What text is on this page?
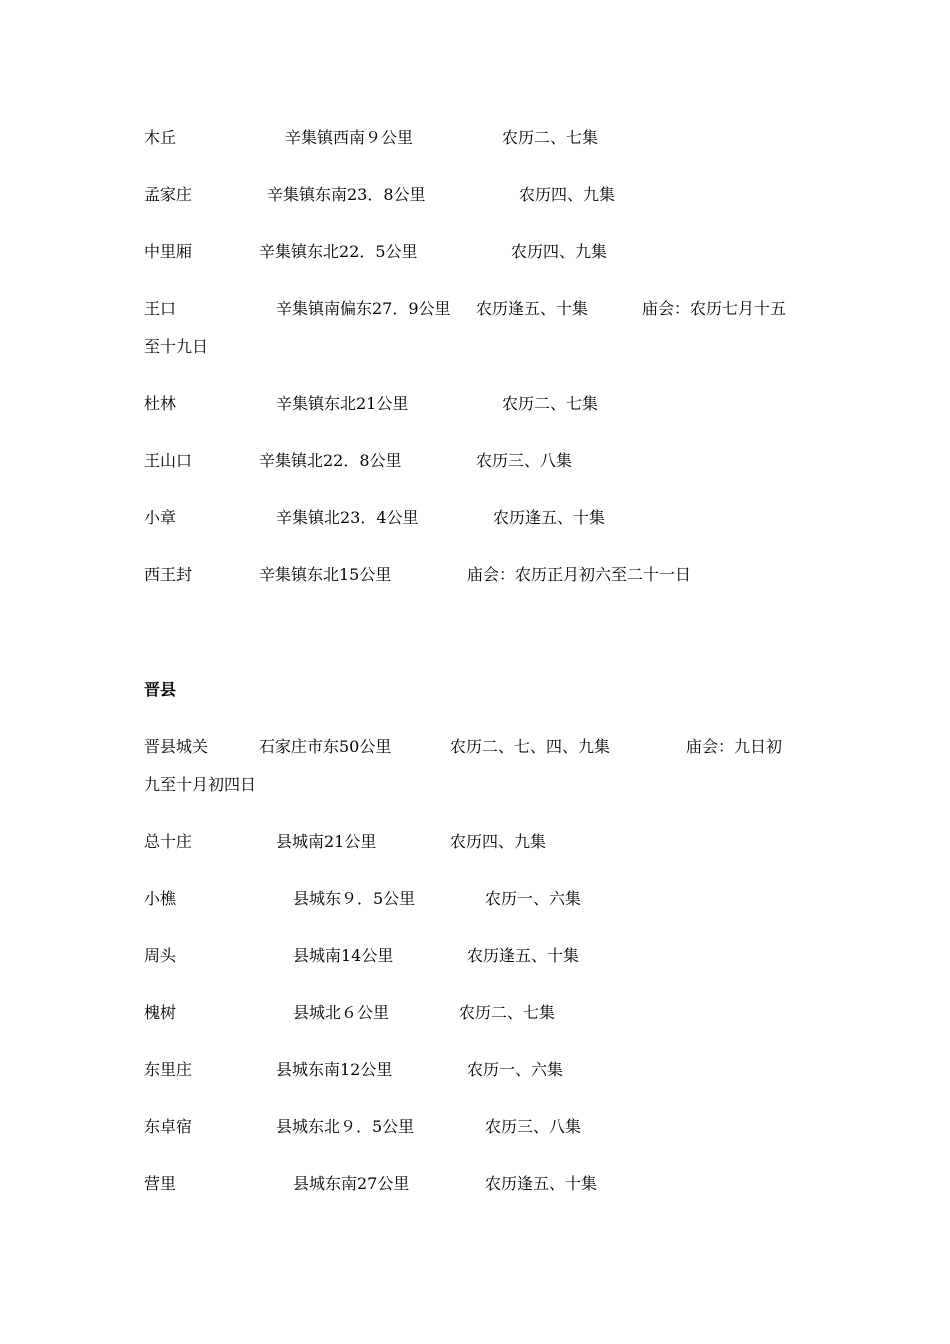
木丘	辛集镇西南９公里	农历二、七集
孟家庄	辛集镇东南23．8公里	农历四、九集
中里厢	辛集镇东北22．5公里	农历四、九集
王口	辛集镇南偏东27．9公里 农历逢五、十集	庙会：农历七月十五
至十九日
杜林	辛集镇东北21公里	农历二、七集
王山口	辛集镇北22．8公里	农历三、八集
小章	辛集镇北23．4公里	农历逢五、十集
西王封	辛集镇东北15公里	庙会：农历正月初六至二十一日
晋县
晋县城关	石家庄市东50公里	农历二、七、四、九集	庙会：九日初
九至十月初四日
总十庄	县城南21公里	农历四、九集
小樵	县城东９．5公里	农历一、六集
周头	县城南14公里	农历逢五、十集
槐树	县城北６公里	农历二、七集
东里庄	县城东南12公里	农历一、六集
东卓宿	县城东北９．5公里	农历三、八集
营里	县城东南27公里	农历逢五、十集
